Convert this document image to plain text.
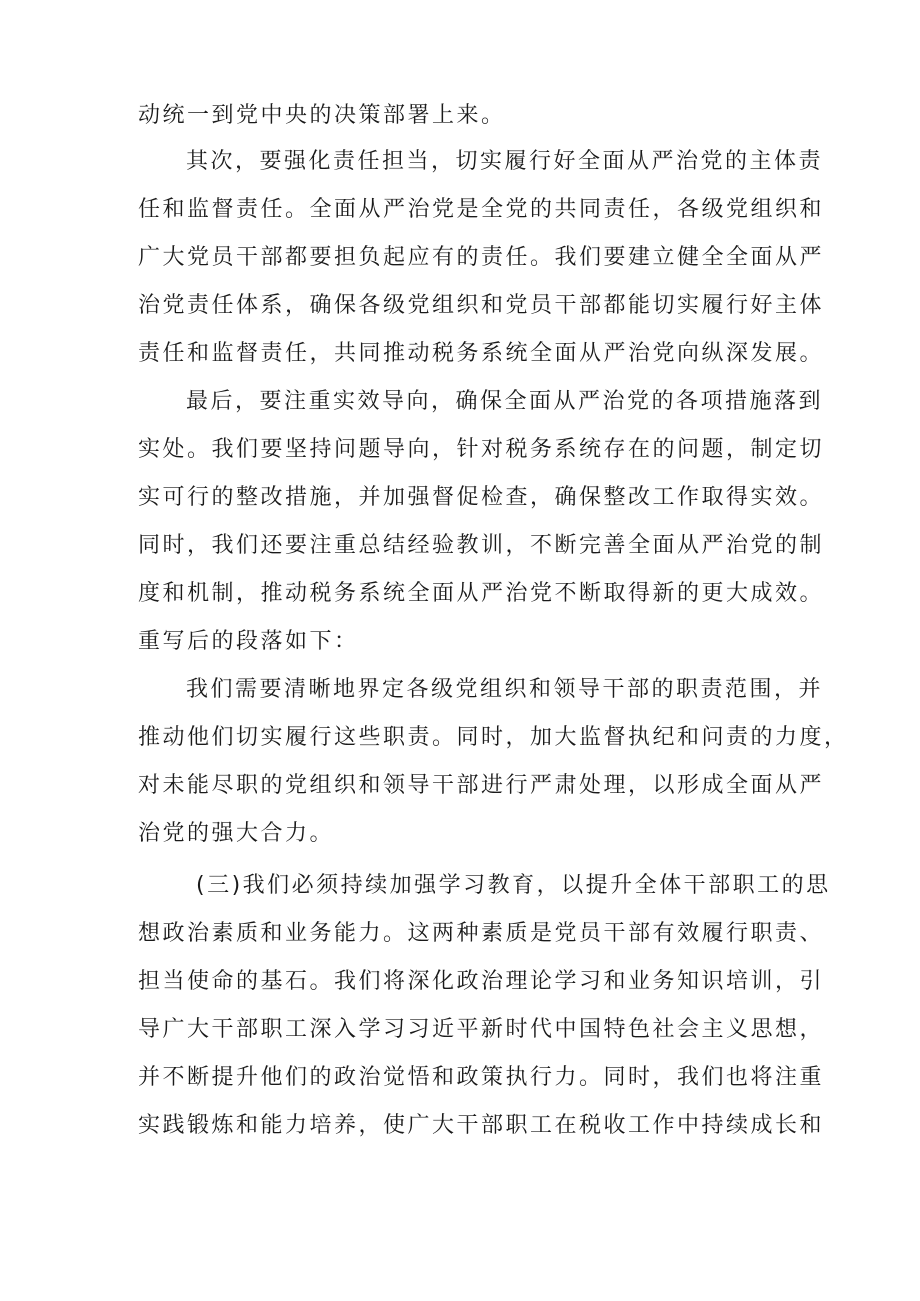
动统一到党中央的决策部署上来。
其次，要强化责任担当，切实履行好全面从严治党的主体责
任和监督责任。全面从严治党是全党的共同责任，各级党组织和
广大党员干部都要担负起应有的责任。我们要建立健全全面从严
治党责任体系，确保各级党组织和党员干部都能切实履行好主体
责任和监督责任，共同推动税务系统全面从严治党向纵深发展。
最后，要注重实效导向，确保全面从严治党的各项措施落到
实处。我们要坚持问题导向，针对税务系统存在的问题，制定切
实可行的整改措施，并加强督促检查，确保整改工作取得实效。
同时，我们还要注重总结经验教训，不断完善全面从严治党的制
度和机制，推动税务系统全面从严治党不断取得新的更大成效。
重写后的段落如下：
我们需要清晰地界定各级党组织和领导干部的职责范围，并
推动他们切实履行这些职责。同时，加大监督执纪和问责的力度，
对未能尽职的党组织和领导干部进行严肃处理，以形成全面从严
治党的强大合力。
(三)我们必须持续加强学习教育，以提升全体干部职工的思
想政治素质和业务能力。这两种素质是党员干部有效履行职责、
担当使命的基石。我们将深化政治理论学习和业务知识培训，引
导广大干部职工深入学习习近平新时代中国特色社会主义思想，
并不断提升他们的政治觉悟和政策执行力。同时，我们也将注重
实践锻炼和能力培养，使广大干部职工在税收工作中持续成长和
